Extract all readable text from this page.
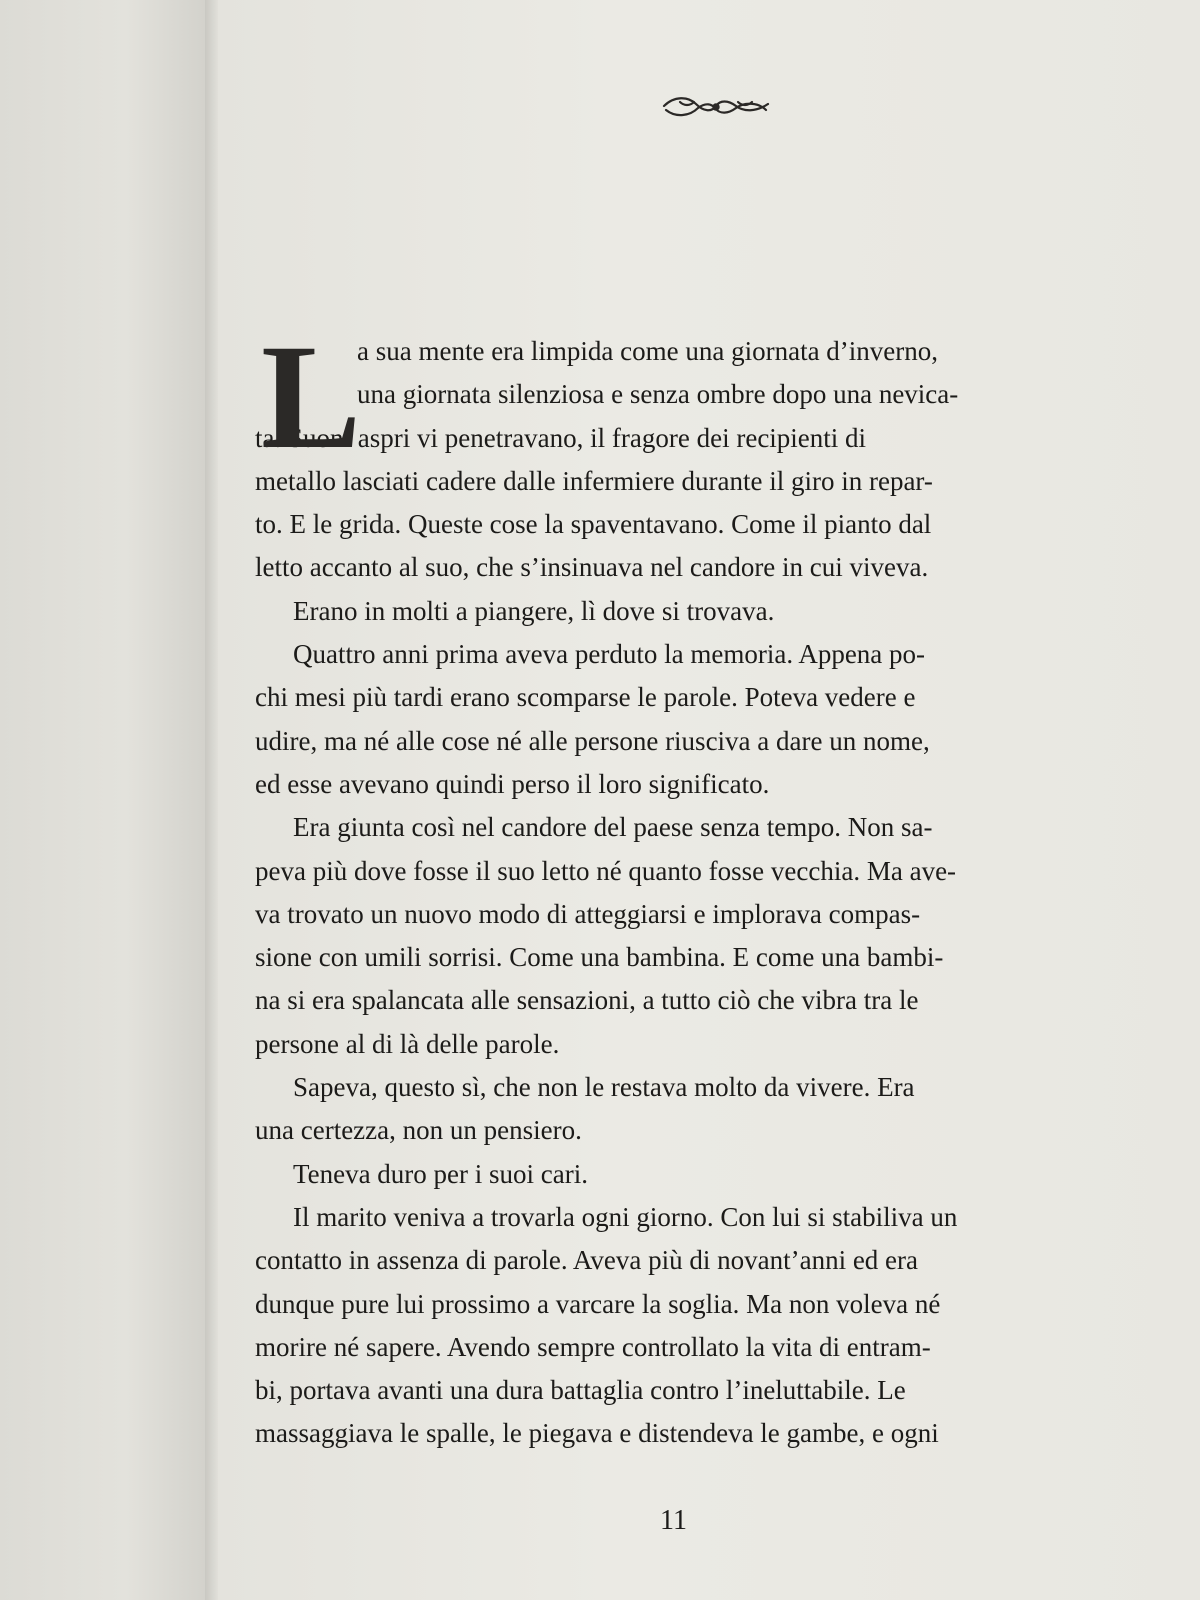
L
a sua mente era limpida come una giornata d’inverno,
una giornata silenziosa e senza ombre dopo una nevica-
ta. Suoni aspri vi penetravano, il fragore dei recipienti di
metallo lasciati cadere dalle infermiere durante il giro in repar-
to. E le grida. Queste cose la spaventavano. Come il pianto dal
letto accanto al suo, che s’insinuava nel candore in cui viveva.
Erano in molti a piangere, lì dove si trovava.
Quattro anni prima aveva perduto la memoria. Appena po-
chi mesi più tardi erano scomparse le parole. Poteva vedere e
udire, ma né alle cose né alle persone riusciva a dare un nome,
ed esse avevano quindi perso il loro significato.
Era giunta così nel candore del paese senza tempo. Non sa-
peva più dove fosse il suo letto né quanto fosse vecchia. Ma ave-
va trovato un nuovo modo di atteggiarsi e implorava compas-
sione con umili sorrisi. Come una bambina. E come una bambi-
na si era spalancata alle sensazioni, a tutto ciò che vibra tra le
persone al di là delle parole.
Sapeva, questo sì, che non le restava molto da vivere. Era
una certezza, non un pensiero.
Teneva duro per i suoi cari.
Il marito veniva a trovarla ogni giorno. Con lui si stabiliva un
contatto in assenza di parole. Aveva più di novant’anni ed era
dunque pure lui prossimo a varcare la soglia. Ma non voleva né
morire né sapere. Avendo sempre controllato la vita di entram-
bi, portava avanti una dura battaglia contro l’ineluttabile. Le
massaggiava le spalle, le piegava e distendeva le gambe, e ogni
11
